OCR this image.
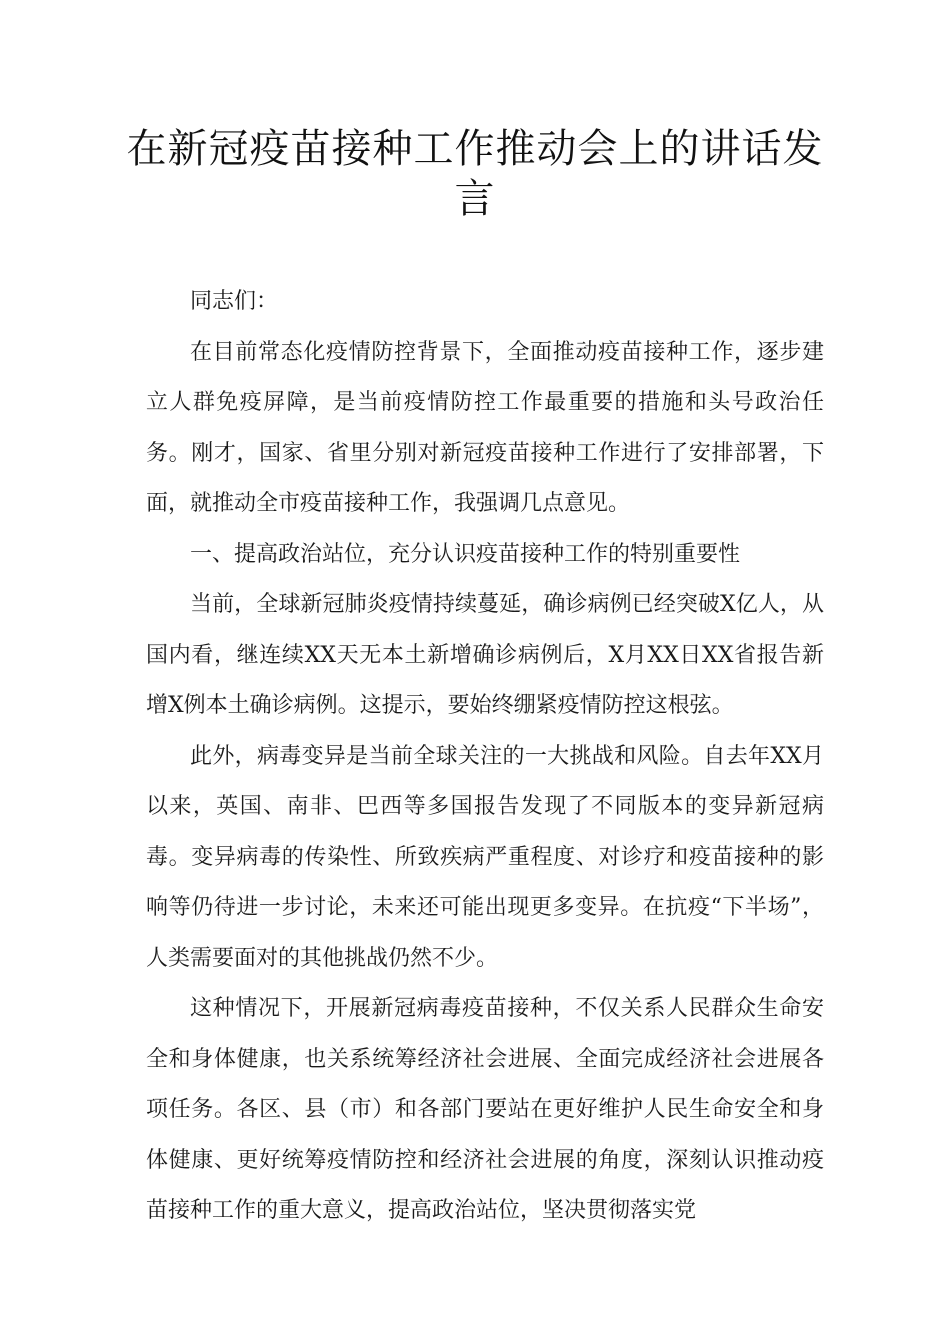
在新冠疫苗接种工作推动会上的讲话发言

同志们：

在目前常态化疫情防控背景下，全面推动疫苗接种工作，逐步建立人群免疫屏障，是当前疫情防控工作最重要的措施和头号政治任务。刚才，国家、省里分别对新冠疫苗接种工作进行了安排部署，下面，就推动全市疫苗接种工作，我强调几点意见。

一、提高政治站位，充分认识疫苗接种工作的特别重要性

当前，全球新冠肺炎疫情持续蔓延，确诊病例已经突破X亿人，从国内看，继连续XX天无本土新增确诊病例后，X月XX日XX省报告新增X例本土确诊病例。这提示，要始终绷紧疫情防控这根弦。

此外，病毒变异是当前全球关注的一大挑战和风险。自去年XX月以来，英国、南非、巴西等多国报告发现了不同版本的变异新冠病毒。变异病毒的传染性、所致疾病严重程度、对诊疗和疫苗接种的影响等仍待进一步讨论，未来还可能出现更多变异。在抗疫“下半场”，人类需要面对的其他挑战仍然不少。

这种情况下，开展新冠病毒疫苗接种，不仅关系人民群众生命安全和身体健康，也关系统筹经济社会进展、全面完成经济社会进展各项任务。各区、县（市）和各部门要站在更好维护人民生命安全和身体健康、更好统筹疫情防控和经济社会进展的角度，深刻认识推动疫苗接种工作的重大意义，提高政治站位，坚决贯彻落实党
